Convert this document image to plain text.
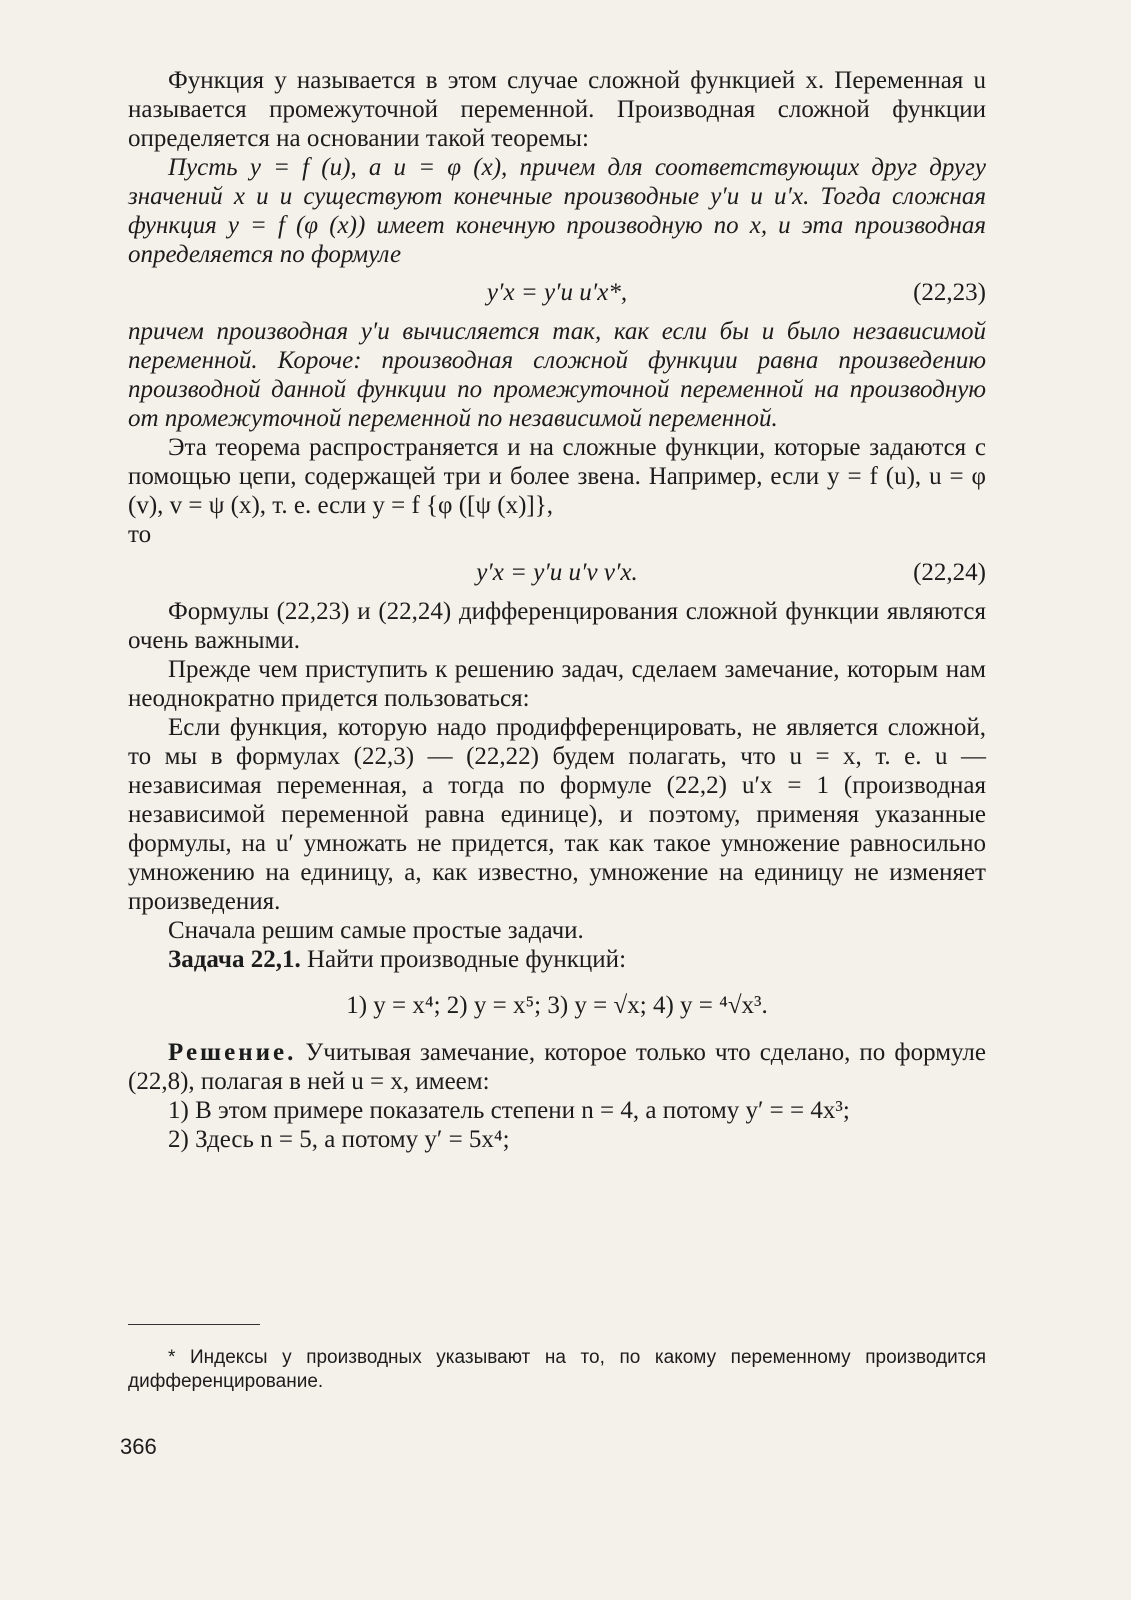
Функция y называется в этом случае сложной функцией x. Переменная u называется промежуточной переменной. Производная сложной функции определяется на основании такой теоремы:

Пусть y = f (u), а u = φ (x), причем для соответствующих друг другу значений x и u существуют конечные производные y′u и u′x. Тогда сложная функция y = f (φ (x)) имеет конечную производную по x, и эта производная определяется по формуле

y′x = y′u u′x*,	(22,23)

причем производная y′u вычисляется так, как если бы u было независимой переменной. Короче: производная сложной функции равна произведению производной данной функции по промежуточной переменной на производную от промежуточной переменной по независимой переменной.

Эта теорема распространяется и на сложные функции, которые задаются с помощью цепи, содержащей три и более звена. Например, если y = f (u), u = φ (v), v = ψ (x), т. е. если y = f {φ ([ψ (x)]},

то

y′x = y′u u′v v′x.	(22,24)

Формулы (22,23) и (22,24) дифференцирования сложной функции являются очень важными.

Прежде чем приступить к решению задач, сделаем замечание, которым нам неоднократно придется пользоваться:

Если функция, которую надо продифференцировать, не является сложной, то мы в формулах (22,3) — (22,22) будем полагать, что u = x, т. е. u — независимая переменная, а тогда по формуле (22,2) u′x = 1 (производная независимой переменной равна единице), и поэтому, применяя указанные формулы, на u′ умножать не придется, так как такое умножение равносильно умножению на единицу, а, как известно, умножение на единицу не изменяет произведения.

Сначала решим самые простые задачи.

Задача 22,1. Найти производные функций:

1) y = x⁴; 2) y = x⁵; 3) y = √x; 4) y = ⁴√x³.

Решение. Учитывая замечание, которое только что сделано, по формуле (22,8), полагая в ней u = x, имеем:

1) В этом примере показатель степени n = 4, а потому y′ = = 4x³;

2) Здесь n = 5, а потому y′ = 5x⁴;

* Индексы у производных указывают на то, по какому переменному производится дифференцирование.

366
